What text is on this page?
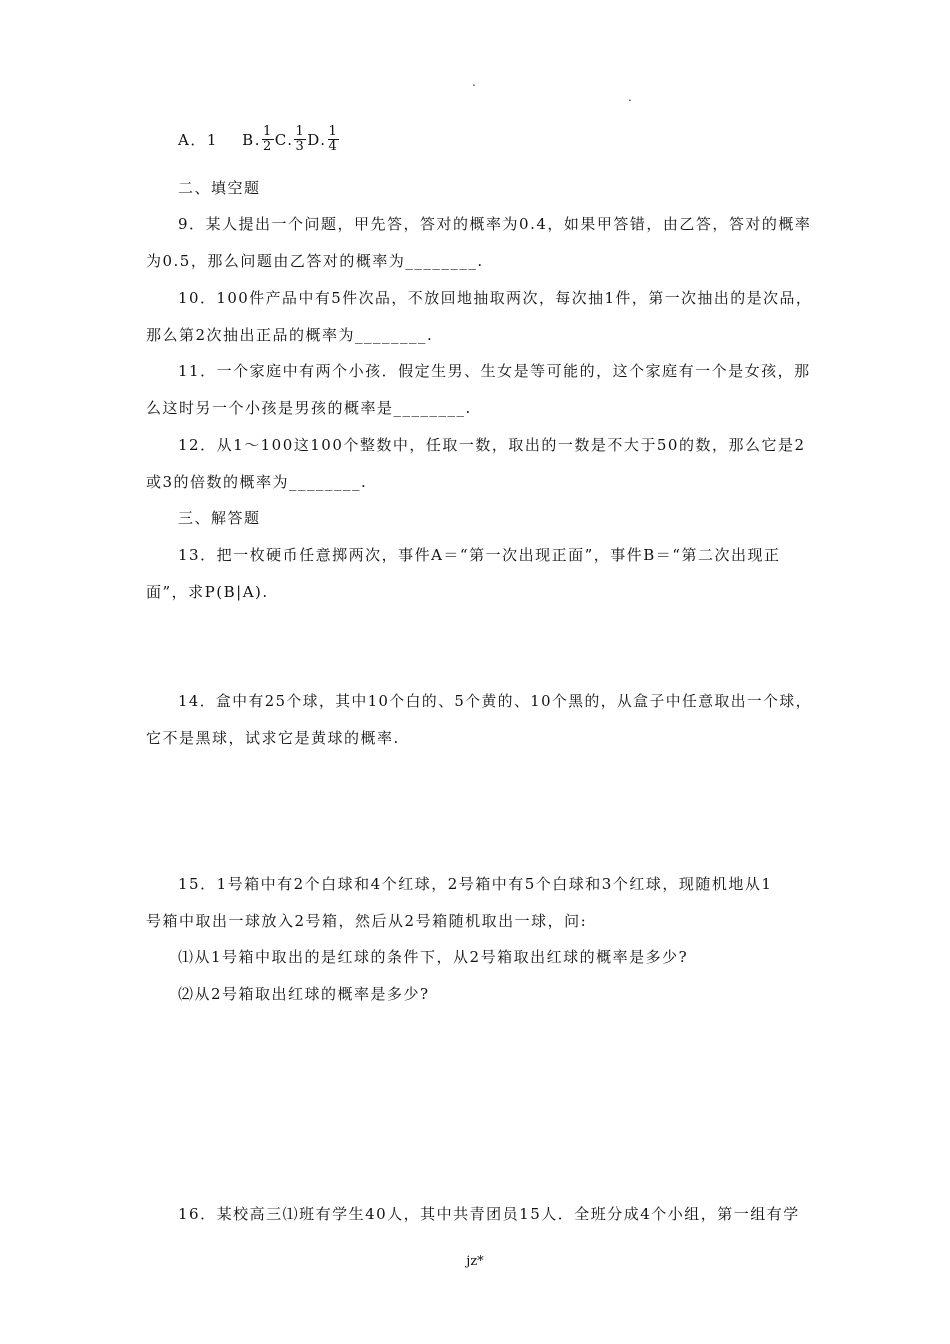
.
.
A．1 B. $\frac{1}{2} C$. $\frac{1}{3} D$. $\frac{1}{4}$
二、填空题
9．某人提出一个问题，甲先答，答对的概率为0.4，如果甲答错，由乙答，答对的概率
为0.5，那么问题由乙答对的概率为________.
10．100件产品中有5件次品，不放回地抽取两次，每次抽1件，第一次抽出的是次品，
那么第2次抽出正品的概率为________.
11．一个家庭中有两个小孩．假定生男、生女是等可能的，这个家庭有一个是女孩，那
么这时另一个小孩是男孩的概率是________.
12．从1～100这100个整数中，任取一数，取出的一数是不大于50的数，那么它是2
或3的倍数的概率为________.
三、解答题
13．把一枚硬币任意掷两次，事件A＝“第一次出现正面”，事件B＝“第二次出现正
面”，求P(B|A).
14．盒中有25个球，其中10个白的、5个黄的、10个黑的，从盒子中任意取出一个球，
它不是黑球，试求它是黄球的概率.
15．1号箱中有2个白球和4个红球，2号箱中有5个白球和3个红球，现随机地从1
号箱中取出一球放入2号箱，然后从2号箱随机取出一球，问:
⑴从1号箱中取出的是红球的条件下，从2号箱取出红球的概率是多少?
⑵从2号箱取出红球的概率是多少?
16．某校高三⑴班有学生40人，其中共青团员15人．全班分成4个小组，第一组有学
jz*
